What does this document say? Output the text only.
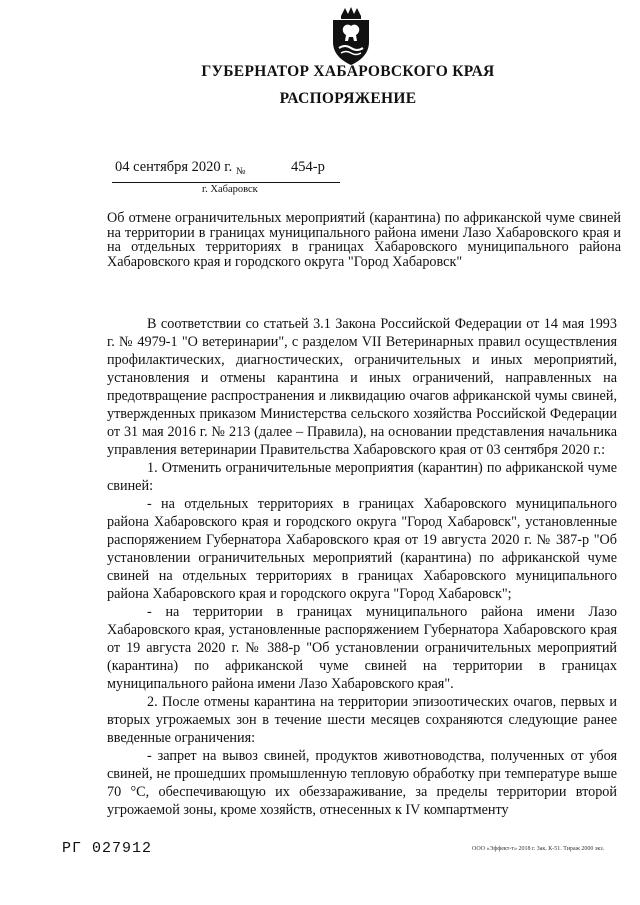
ГУБЕРНАТОР ХАБАРОВСКОГО КРАЯ
РАСПОРЯЖЕНИЕ
04 сентября 2020 г. №	454-р
г. Хабаровск
Об отмене ограничительных мероприятий (карантина) по африканской чуме свиней на территории в границах муниципального района имени Лазо Хабаровского края и на отдельных территориях в границах Хабаровского муниципального района Хабаровского края и городского округа "Город Хабаровск"

В соответствии со статьей 3.1 Закона Российской Федерации от 14 мая 1993 г. № 4979-1 "О ветеринарии", с разделом VII Ветеринарных правил осуществления профилактических, диагностических, ограничительных и иных мероприятий, установления и отмены карантина и иных ограничений, направленных на предотвращение распространения и ликвидацию очагов африканской чумы свиней, утвержденных приказом Министерства сельского хозяйства Российской Федерации от 31 мая 2016 г. № 213 (далее – Правила), на основании представления начальника управления ветеринарии Правительства Хабаровского края от 03 сентября 2020 г.:

1. Отменить ограничительные мероприятия (карантин) по африканской чуме свиней:

- на отдельных территориях в границах Хабаровского муниципального района Хабаровского края и городского округа "Город Хабаровск", установленные распоряжением Губернатора Хабаровского края от 19 августа 2020 г. № 387-р "Об установлении ограничительных мероприятий (карантина) по африканской чуме свиней на отдельных территориях в границах Хабаровского муниципального района Хабаровского края и городского округа "Город Хабаровск";

- на территории в границах муниципального района имени Лазо Хабаровского края, установленные распоряжением Губернатора Хабаровского края от 19 августа 2020 г. № 388-р "Об установлении ограничительных мероприятий (карантина) по африканской чуме свиней на территории в границах муниципального района имени Лазо Хабаровского края".

2. После отмены карантина на территории эпизоотических очагов, первых и вторых угрожаемых зон в течение шести месяцев сохраняются следующие ранее введенные ограничения:

- запрет на вывоз свиней, продуктов животноводства, полученных от убоя свиней, не прошедших промышленную тепловую обработку при температуре выше 70 °С, обеспечивающую их обеззараживание, за пределы территории второй угрожаемой зоны, кроме хозяйств, отнесенных к IV компартменту

РГ 027912	ООО «Эффект-т» 2018 г. Зак. К-51. Тираж 2000 экз.
